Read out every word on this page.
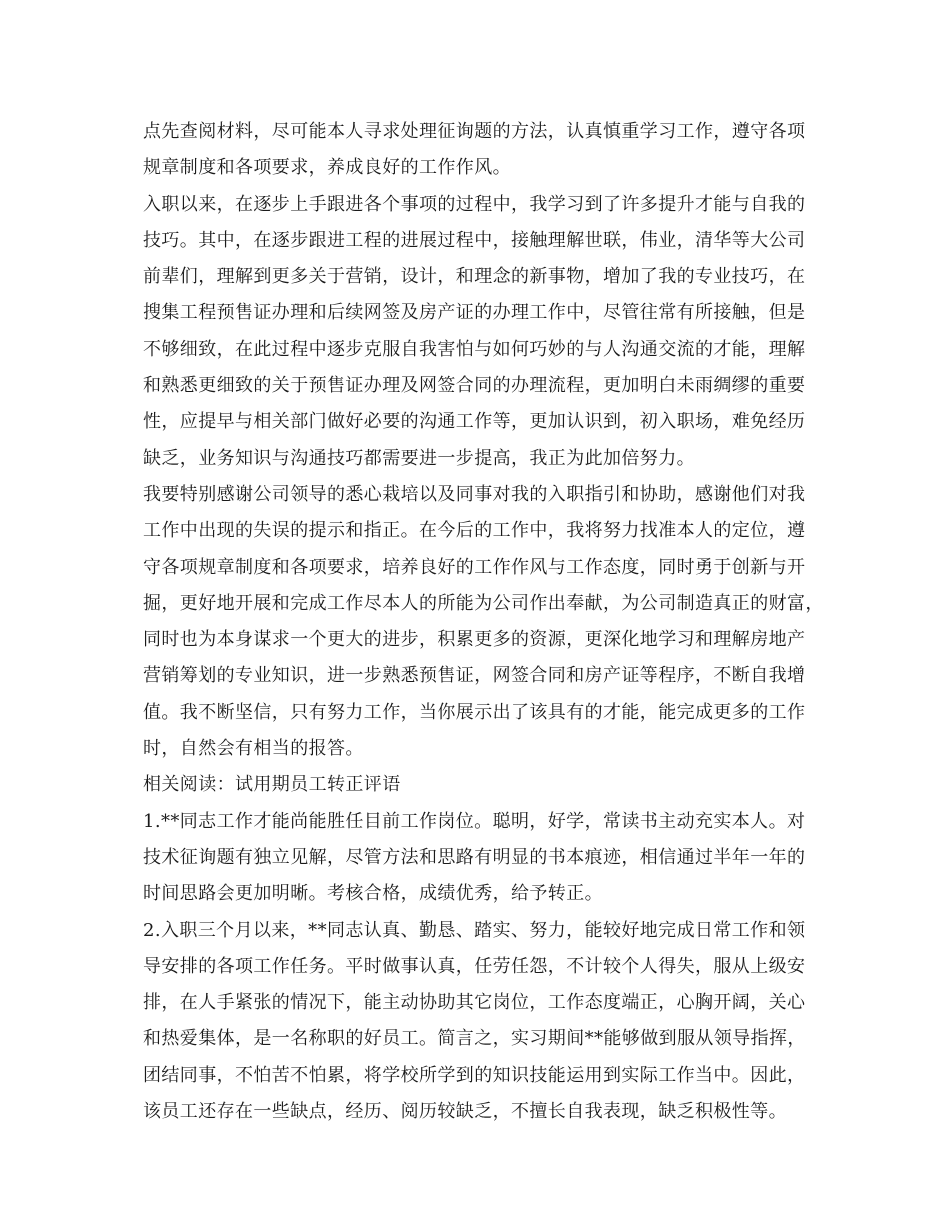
点先查阅材料，尽可能本人寻求处理征询题的方法，认真慎重学习工作，遵守各项
规章制度和各项要求，养成良好的工作作风。
入职以来，在逐步上手跟进各个事项的过程中，我学习到了许多提升才能与自我的
技巧。其中，在逐步跟进工程的进展过程中，接触理解世联，伟业，清华等大公司
前辈们，理解到更多关于营销，设计，和理念的新事物，增加了我的专业技巧，在
搜集工程预售证办理和后续网签及房产证的办理工作中，尽管往常有所接触，但是
不够细致，在此过程中逐步克服自我害怕与如何巧妙的与人沟通交流的才能，理解
和熟悉更细致的关于预售证办理及网签合同的办理流程，更加明白未雨绸缪的重要
性，应提早与相关部门做好必要的沟通工作等，更加认识到，初入职场，难免经历
缺乏，业务知识与沟通技巧都需要进一步提高，我正为此加倍努力。
我要特别感谢公司领导的悉心栽培以及同事对我的入职指引和协助，感谢他们对我
工作中出现的失误的提示和指正。在今后的工作中，我将努力找准本人的定位，遵
守各项规章制度和各项要求，培养良好的工作作风与工作态度，同时勇于创新与开
掘，更好地开展和完成工作尽本人的所能为公司作出奉献，为公司制造真正的财富，
同时也为本身谋求一个更大的进步，积累更多的资源，更深化地学习和理解房地产
营销筹划的专业知识，进一步熟悉预售证，网签合同和房产证等程序，不断自我增
值。我不断坚信，只有努力工作，当你展示出了该具有的才能，能完成更多的工作
时，自然会有相当的报答。
相关阅读：试用期员工转正评语
1.**同志工作才能尚能胜任目前工作岗位。聪明，好学，常读书主动充实本人。对
技术征询题有独立见解，尽管方法和思路有明显的书本痕迹，相信通过半年一年的
时间思路会更加明晰。考核合格，成绩优秀，给予转正。
2.入职三个月以来，**同志认真、勤恳、踏实、努力，能较好地完成日常工作和领
导安排的各项工作任务。平时做事认真，任劳任怨，不计较个人得失，服从上级安
排，在人手紧张的情况下，能主动协助其它岗位，工作态度端正，心胸开阔，关心
和热爱集体，是一名称职的好员工。简言之，实习期间**能够做到服从领导指挥，
团结同事，不怕苦不怕累，将学校所学到的知识技能运用到实际工作当中。因此，
该员工还存在一些缺点，经历、阅历较缺乏，不擅长自我表现，缺乏积极性等。
